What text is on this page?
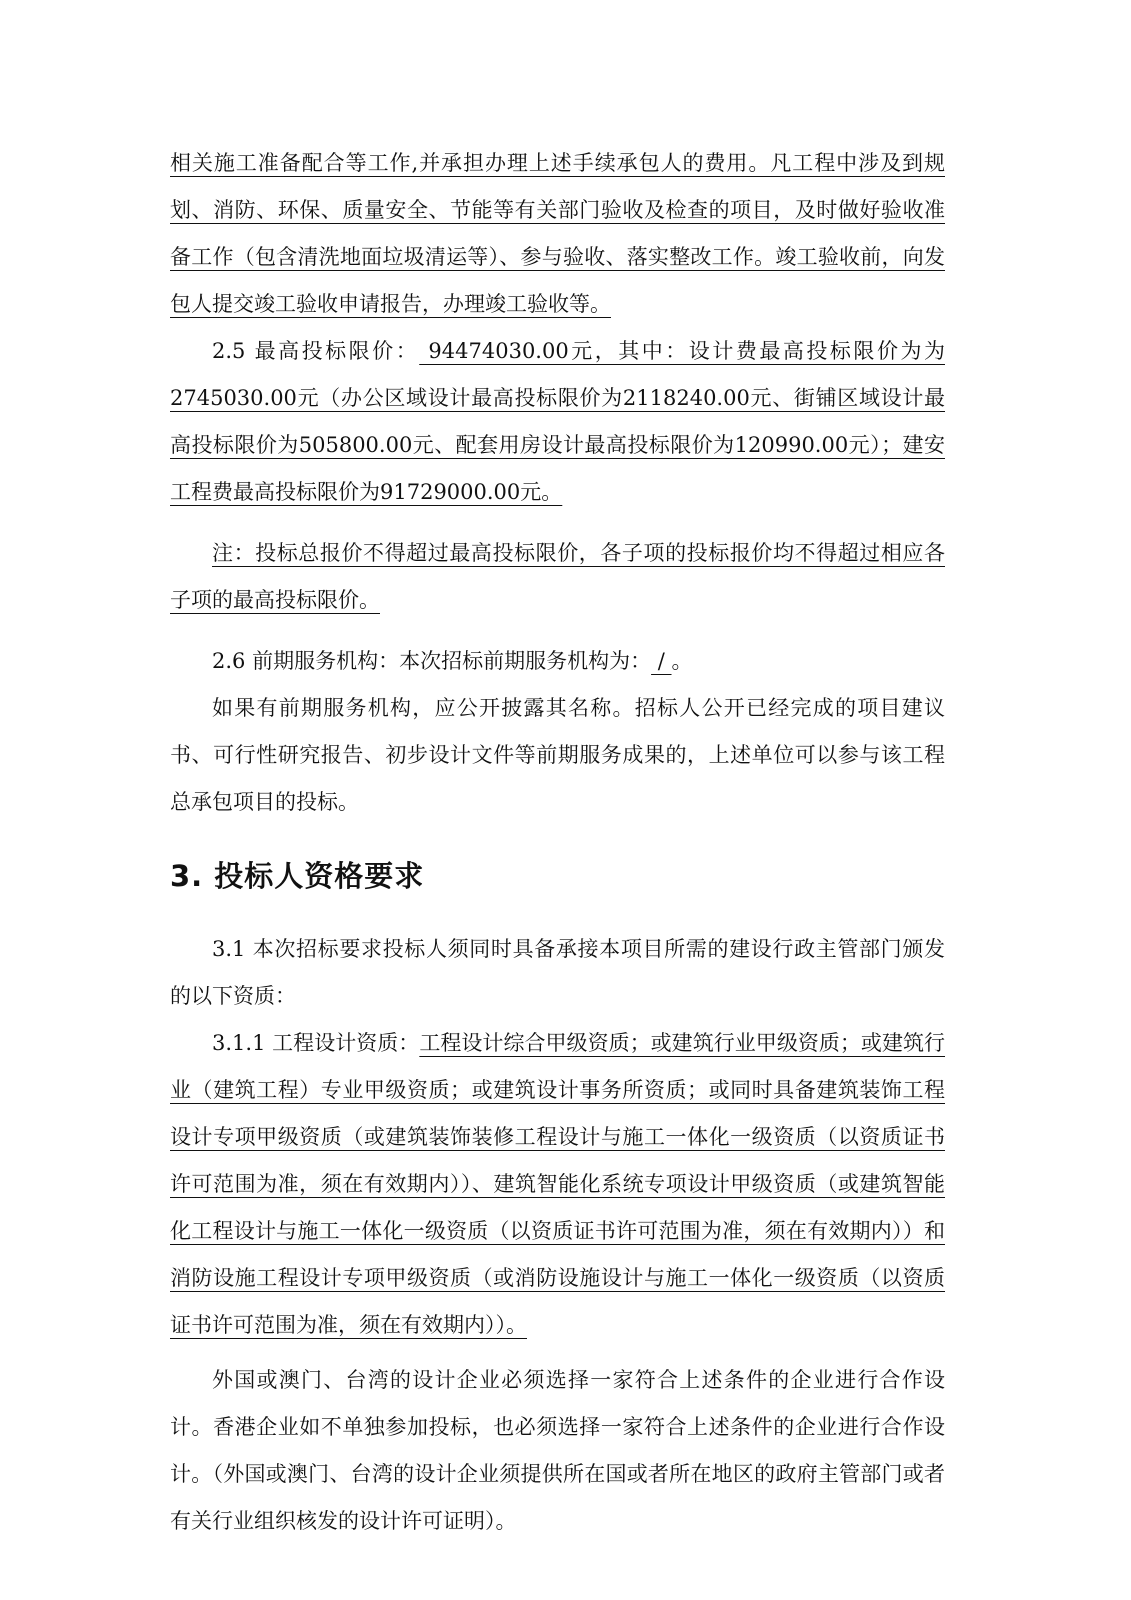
相关施工准备配合等工作,并承担办理上述手续承包人的费用。凡工程中涉及到规划、消防、环保、质量安全、节能等有关部门验收及检查的项目，及时做好验收准备工作（包含清洗地面垃圾清运等）、参与验收、落实整改工作。竣工验收前，向发包人提交竣工验收申请报告，办理竣工验收等。

2.5 最高投标限价： 94474030.00元，其中：设计费最高投标限价为为2745030.00元（办公区域设计最高投标限价为2118240.00元、街铺区域设计最高投标限价为505800.00元、配套用房设计最高投标限价为120990.00元）；建安工程费最高投标限价为91729000.00元。

注：投标总报价不得超过最高投标限价，各子项的投标报价均不得超过相应各子项的最高投标限价。

2.6 前期服务机构：本次招标前期服务机构为： / 。

如果有前期服务机构，应公开披露其名称。招标人公开已经完成的项目建议书、可行性研究报告、初步设计文件等前期服务成果的，上述单位可以参与该工程总承包项目的投标。

3. 投标人资格要求

3.1 本次招标要求投标人须同时具备承接本项目所需的建设行政主管部门颁发的以下资质：

3.1.1 工程设计资质：工程设计综合甲级资质；或建筑行业甲级资质；或建筑行业（建筑工程）专业甲级资质；或建筑设计事务所资质；或同时具备建筑装饰工程设计专项甲级资质（或建筑装饰装修工程设计与施工一体化一级资质（以资质证书许可范围为准，须在有效期内））、建筑智能化系统专项设计甲级资质（或建筑智能化工程设计与施工一体化一级资质（以资质证书许可范围为准，须在有效期内））和消防设施工程设计专项甲级资质（或消防设施设计与施工一体化一级资质（以资质证书许可范围为准，须在有效期内））。

外国或澳门、台湾的设计企业必须选择一家符合上述条件的企业进行合作设计。香港企业如不单独参加投标，也必须选择一家符合上述条件的企业进行合作设计。（外国或澳门、台湾的设计企业须提供所在国或者所在地区的政府主管部门或者有关行业组织核发的设计许可证明）。
